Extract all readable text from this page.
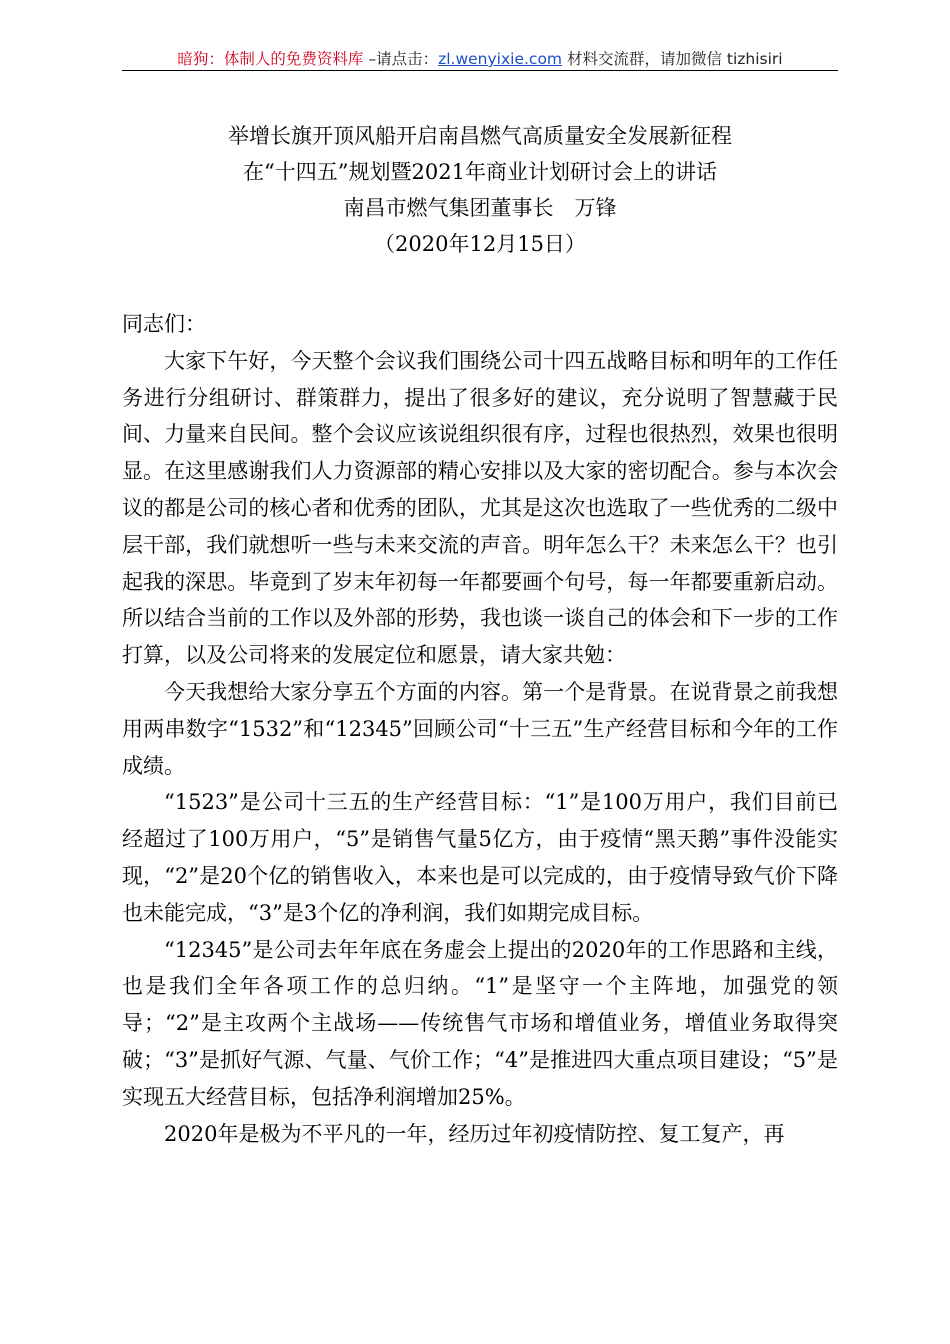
暗狗：体制人的免费资料库 –请点击：zl.wenyixie.com 材料交流群，请加微信 tizhisiri
举增长旗开顶风船开启南昌燃气高质量安全发展新征程
在“十四五”规划暨2021年商业计划研讨会上的讲话
南昌市燃气集团董事长　万锋
（2020年12月15日）

同志们：

大家下午好，今天整个会议我们围绕公司十四五战略目标和明年的工作任务进行分组研讨、群策群力，提出了很多好的建议，充分说明了智慧藏于民间、力量来自民间。整个会议应该说组织很有序，过程也很热烈，效果也很明显。在这里感谢我们人力资源部的精心安排以及大家的密切配合。参与本次会议的都是公司的核心者和优秀的团队，尤其是这次也选取了一些优秀的二级中层干部，我们就想听一些与未来交流的声音。明年怎么干？未来怎么干？也引起我的深思。毕竟到了岁末年初每一年都要画个句号，每一年都要重新启动。所以结合当前的工作以及外部的形势，我也谈一谈自己的体会和下一步的工作打算，以及公司将来的发展定位和愿景，请大家共勉：

今天我想给大家分享五个方面的内容。第一个是背景。在说背景之前我想用两串数字“1532”和“12345”回顾公司“十三五”生产经营目标和今年的工作成绩。

“1523”是公司十三五的生产经营目标：“1”是100万用户，我们目前已经超过了100万用户，“5”是销售气量5亿方，由于疫情“黑天鹅”事件没能实现，“2”是20个亿的销售收入，本来也是可以完成的，由于疫情导致气价下降也未能完成，“3”是3个亿的净利润，我们如期完成目标。

“12345”是公司去年年底在务虚会上提出的2020年的工作思路和主线，也是我们全年各项工作的总归纳。“1”是坚守一个主阵地，加强党的领导；“2”是主攻两个主战场——传统售气市场和增值业务，增值业务取得突破；“3”是抓好气源、气量、气价工作；“4”是推进四大重点项目建设；“5”是实现五大经营目标，包括净利润增加25%。

2020年是极为不平凡的一年，经历过年初疫情防控、复工复产，再
